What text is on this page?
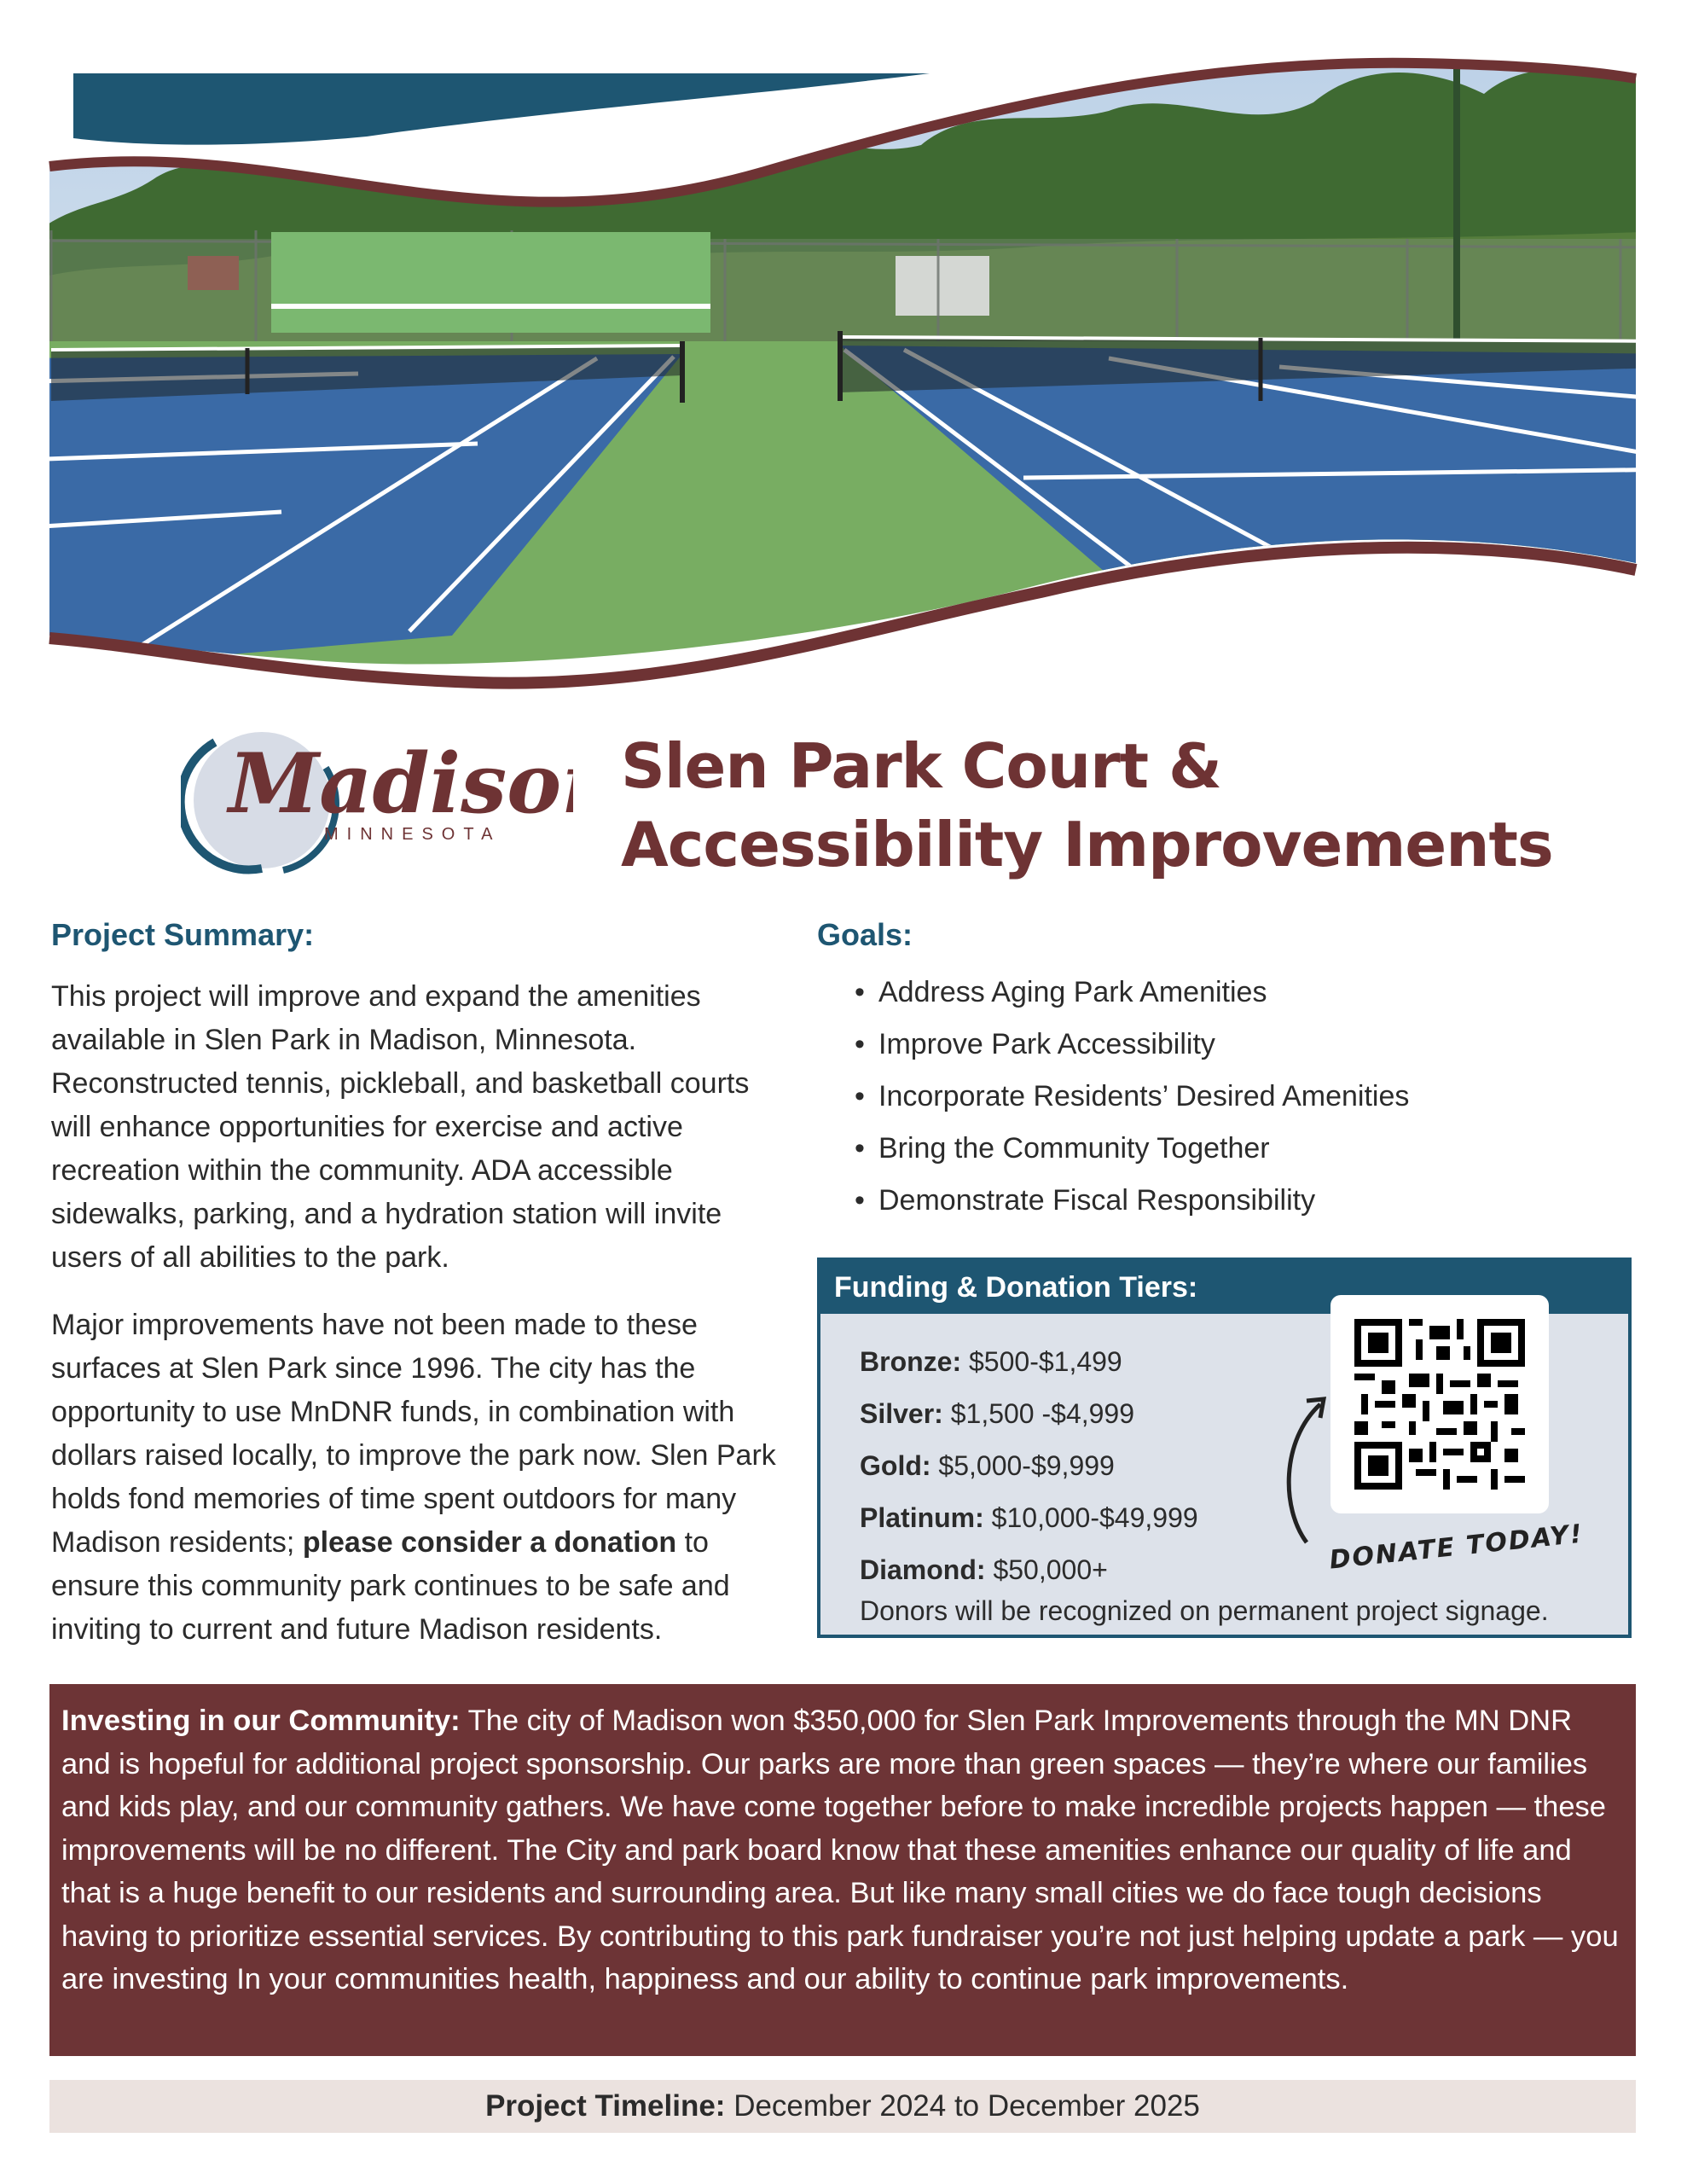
Madiso
MINNESOTA
Slen Park Court &
Accessibility Improvements
Project Summary:

This project will improve and expand the amenities available in Slen Park in Madison, Minnesota. Reconstructed tennis, pickleball, and basketball courts will enhance opportunities for exercise and active recreation within the community. ADA accessible sidewalks, parking, and a hydration station will invite users of all abilities to the park.

Major improvements have not been made to these surfaces at Slen Park since 1996. The city has the opportunity to use MnDNR funds, in combination with dollars raised locally, to improve the park now. Slen Park holds fond memories of time spent outdoors for many Madison residents; please consider a donation to ensure this community park continues to be safe and inviting to current and future Madison residents.

Goals:
• Address Aging Park Amenities
• Improve Park Accessibility
• Incorporate Residents’ Desired Amenities
• Bring the Community Together
• Demonstrate Fiscal Responsibility
Funding & Donation Tiers:
Bronze: $500-$1,499
Silver: $1,500 -$4,999
Gold: $5,000-$9,999
Platinum: $10,000-$49,999
Diamond: $50,000+
Donors will be recognized on permanent project signage.
DONATE TODAY!
Investing in our Community: The city of Madison won $350,000 for Slen Park Improvements through the MN DNR and is hopeful for additional project sponsorship. Our parks are more than green spaces — they’re where our families and kids play, and our community gathers. We have come together before to make incredible projects happen — these improvements will be no different. The City and park board know that these amenities enhance our quality of life and that is a huge benefit to our residents and surrounding area. But like many small cities we do face tough decisions having to prioritize essential services. By contributing to this park fundraiser you’re not just helping update a park — you are investing In your communities health, happiness and our ability to continue park improvements.
Project Timeline: December 2024 to December 2025
